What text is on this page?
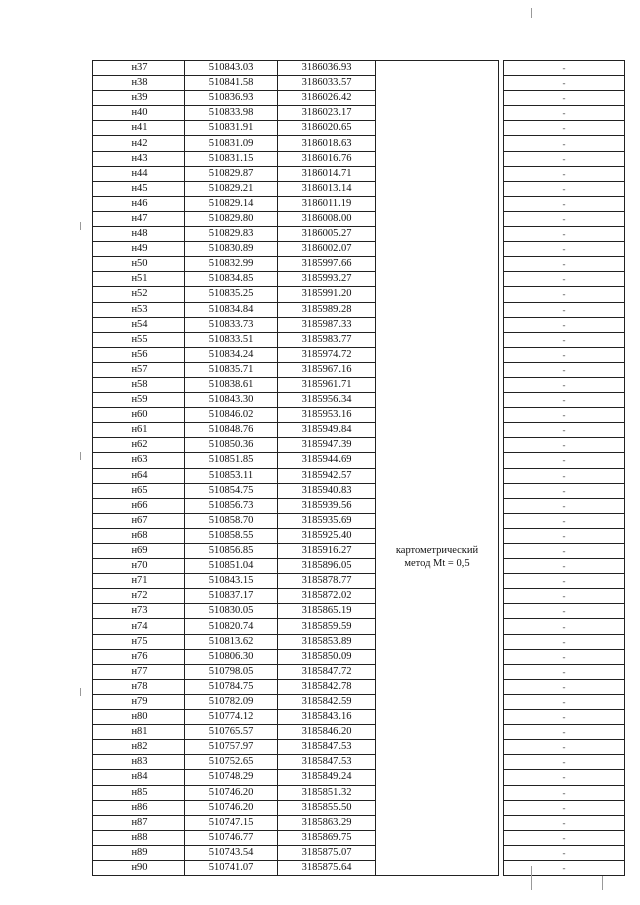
н37	510843.03	3186036.93	картометрический метод Mt = 0,5		-
н38	510841.58	3186033.57			-
н39	510836.93	3186026.42			-
н40	510833.98	3186023.17			-
н41	510831.91	3186020.65			-
н42	510831.09	3186018.63			-
н43	510831.15	3186016.76			-
н44	510829.87	3186014.71			-
н45	510829.21	3186013.14			-
н46	510829.14	3186011.19			-
н47	510829.80	3186008.00			-
н48	510829.83	3186005.27			-
н49	510830.89	3186002.07			-
н50	510832.99	3185997.66			-
н51	510834.85	3185993.27			-
н52	510835.25	3185991.20			-
н53	510834.84	3185989.28			-
н54	510833.73	3185987.33			-
н55	510833.51	3185983.77			-
н56	510834.24	3185974.72			-
н57	510835.71	3185967.16			-
н58	510838.61	3185961.71			-
н59	510843.30	3185956.34			-
н60	510846.02	3185953.16			-
н61	510848.76	3185949.84			-
н62	510850.36	3185947.39			-
н63	510851.85	3185944.69			-
н64	510853.11	3185942.57			-
н65	510854.75	3185940.83			-
н66	510856.73	3185939.56			-
н67	510858.70	3185935.69			-
н68	510858.55	3185925.40			-
н69	510856.85	3185916.27			-
н70	510851.04	3185896.05			-
н71	510843.15	3185878.77			-
н72	510837.17	3185872.02			-
н73	510830.05	3185865.19			-
н74	510820.74	3185859.59			-
н75	510813.62	3185853.89			-
н76	510806.30	3185850.09			-
н77	510798.05	3185847.72			-
н78	510784.75	3185842.78			-
н79	510782.09	3185842.59			-
н80	510774.12	3185843.16			-
н81	510765.57	3185846.20			-
н82	510757.97	3185847.53			-
н83	510752.65	3185847.53			-
н84	510748.29	3185849.24			-
н85	510746.20	3185851.32			-
н86	510746.20	3185855.50			-
н87	510747.15	3185863.29			-
н88	510746.77	3185869.75			-
н89	510743.54	3185875.07			-
н90	510741.07	3185875.64			-
